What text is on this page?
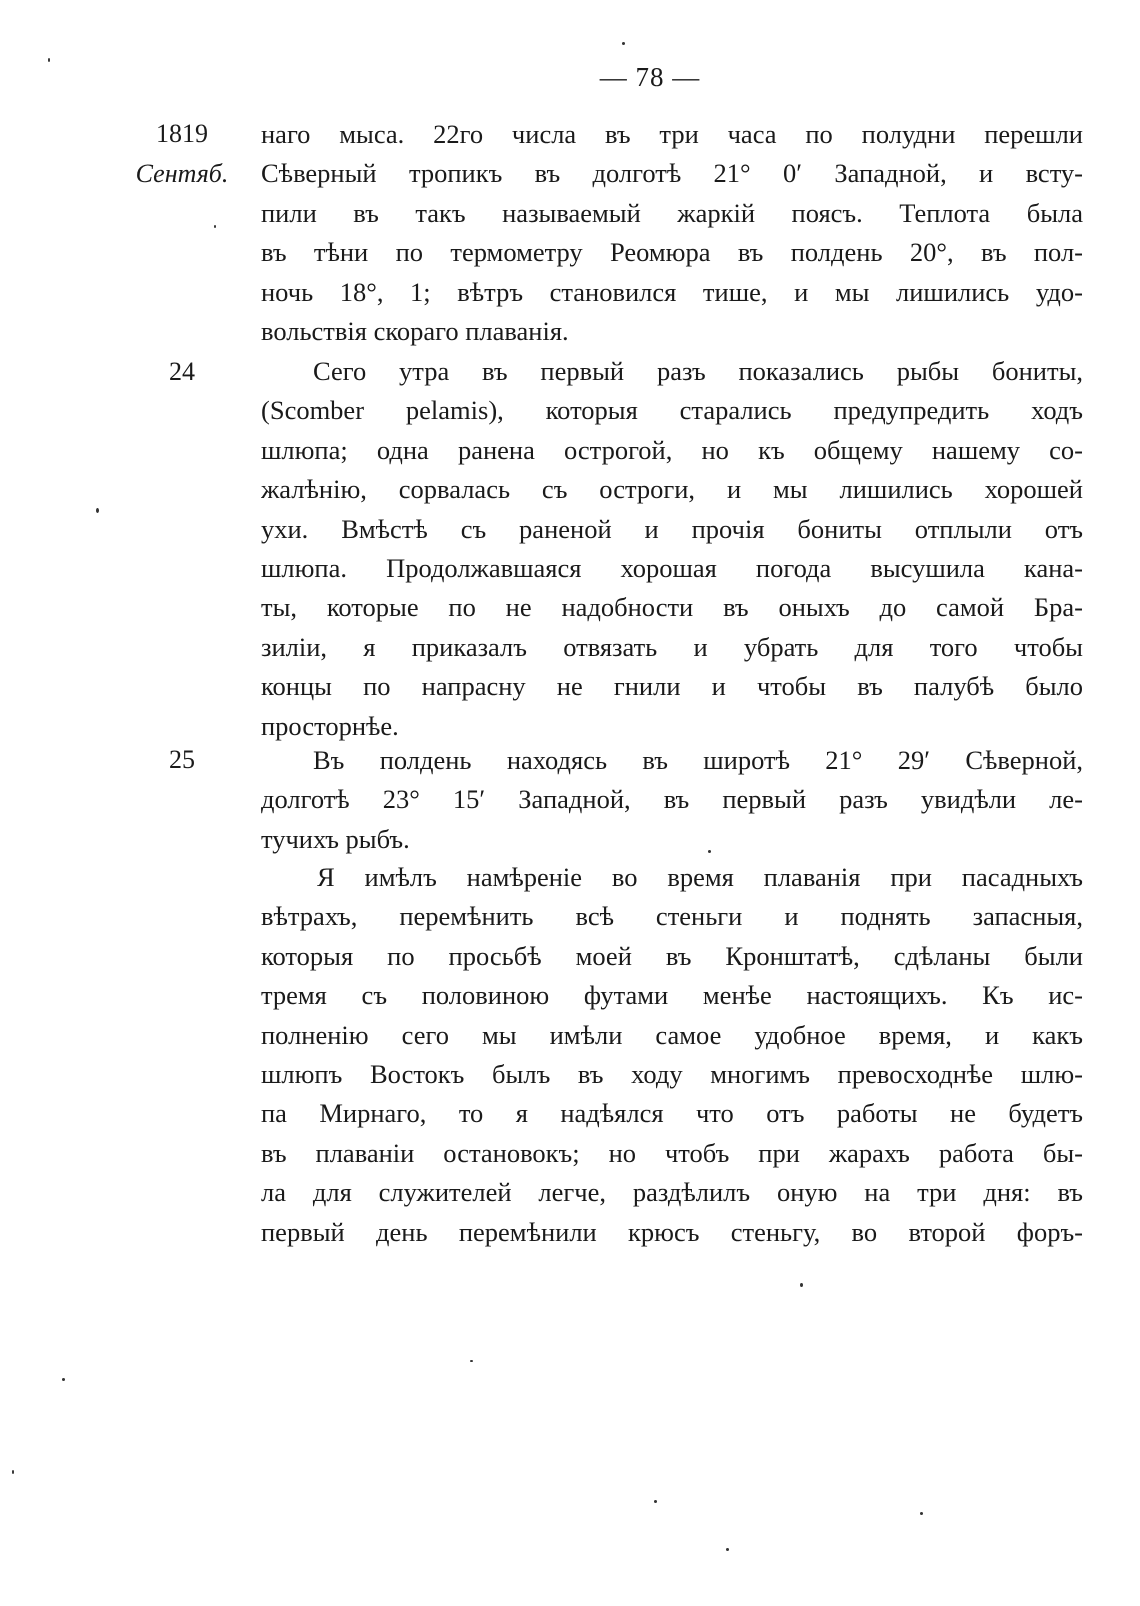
— 78 —
1819
Сентяб.
24
25
наго мыса. 22го числа въ три часа по полудни перешли
Сѣверный тропикъ въ долготѣ 21° 0′ Западной, и всту-
пили въ такъ называемый жаркій поясъ. Теплота была
въ тѣни по термометру Реомюра въ полдень 20°, въ пол-
ночь 18°, 1; вѣтръ становился тише, и мы лишились удо-
вольствія скораго плаванія.
Сего утра въ первый разъ показались рыбы бониты,
(Scomber pelamis), которыя старались предупредить ходъ
шлюпа; одна ранена острогой, но къ общему нашему со-
жалѣнію, сорвалась съ остроги, и мы лишились хорошей
ухи. Вмѣстѣ съ раненой и прочія бониты отплыли отъ
шлюпа. Продолжавшаяся хорошая погода высушила кана-
ты, которые по не надобности въ оныхъ до самой Бра-
зиліи, я приказалъ отвязать и убрать для того чтобы
концы по напрасну не гнили и чтобы въ палубѣ было
просторнѣе.
Въ полдень находясь въ широтѣ 21° 29′ Сѣверной,
долготѣ 23° 15′ Западной, въ первый разъ увидѣли ле-
тучихъ рыбъ.
Я имѣлъ намѣреніе во время плаванія при пасадныхъ
вѣтрахъ, перемѣнить всѣ стеньги и поднять запасныя,
которыя по просьбѣ моей въ Кронштатѣ, сдѣланы были
тремя съ половиною футами менѣе настоящихъ. Къ ис-
полненію сего мы имѣли самое удобное время, и какъ
шлюпъ Востокъ былъ въ ходу многимъ превосходнѣе шлю-
па Мирнаго, то я надѣялся что отъ работы не будетъ
въ плаваніи остановокъ; но чтобъ при жарахъ работа бы-
ла для служителей легче, раздѣлилъ оную на три дня: въ
первый день перемѣнили крюсъ стеньгу, во второй форъ-
